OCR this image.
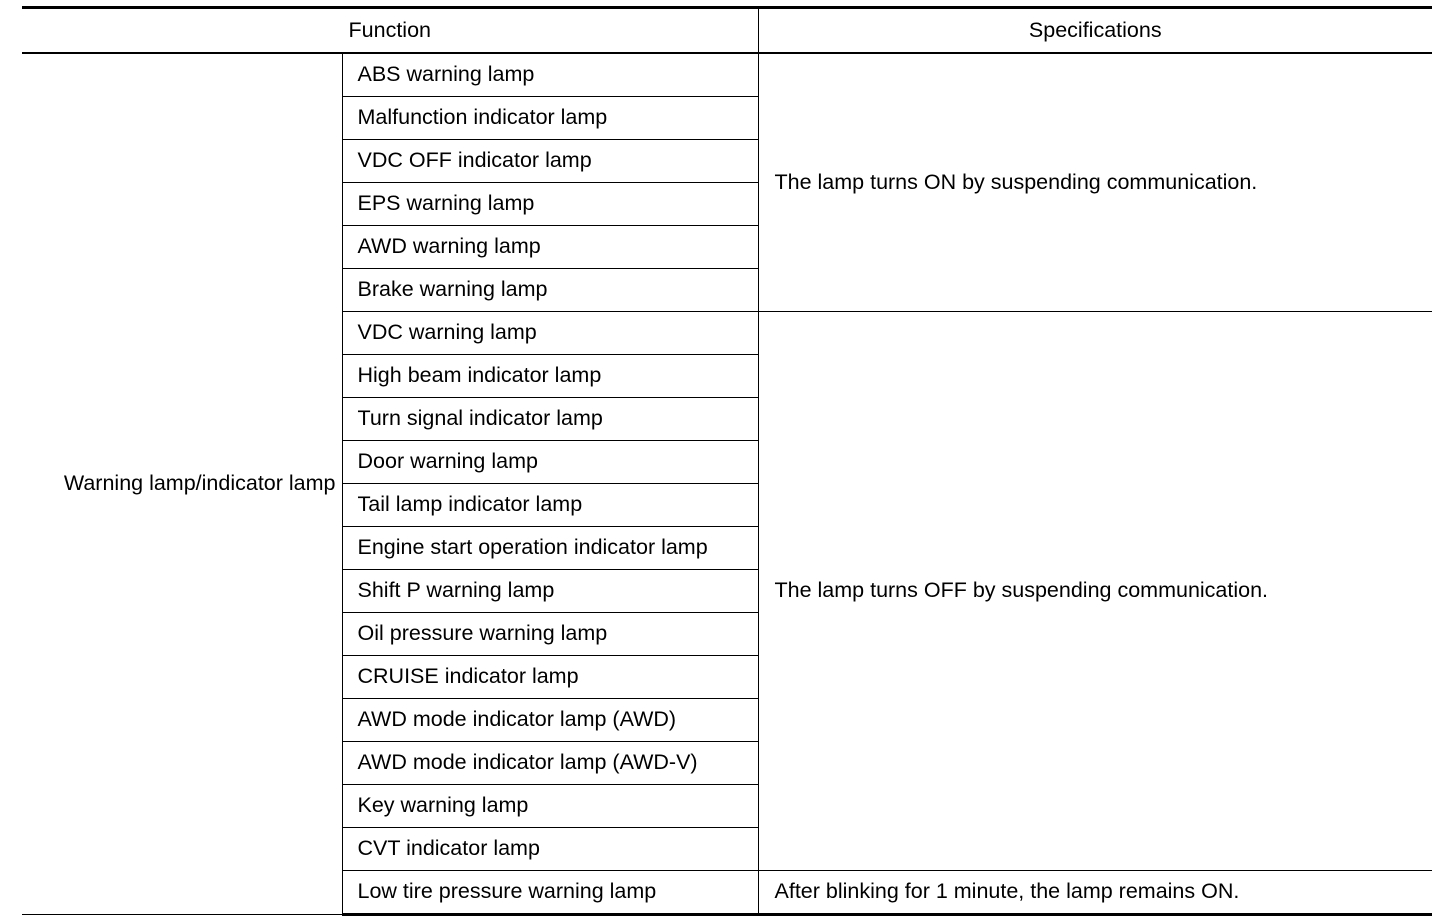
Function		Specifications
Warning lamp/indicator lamp	ABS warning lamp	The lamp turns ON by suspending communication.
	Malfunction indicator lamp	
	VDC OFF indicator lamp	
	EPS warning lamp	
	AWD warning lamp	
	Brake warning lamp	
	VDC warning lamp	The lamp turns OFF by suspending communication.
	High beam indicator lamp	
	Turn signal indicator lamp	
	Door warning lamp	
	Tail lamp indicator lamp	
	Engine start operation indicator lamp	
	Shift P warning lamp	
	Oil pressure warning lamp	
	CRUISE indicator lamp	
	AWD mode indicator lamp (AWD)	
	AWD mode indicator lamp (AWD-V)	
	Key warning lamp	
	CVT indicator lamp	
	Low tire pressure warning lamp	After blinking for 1 minute, the lamp remains ON.
